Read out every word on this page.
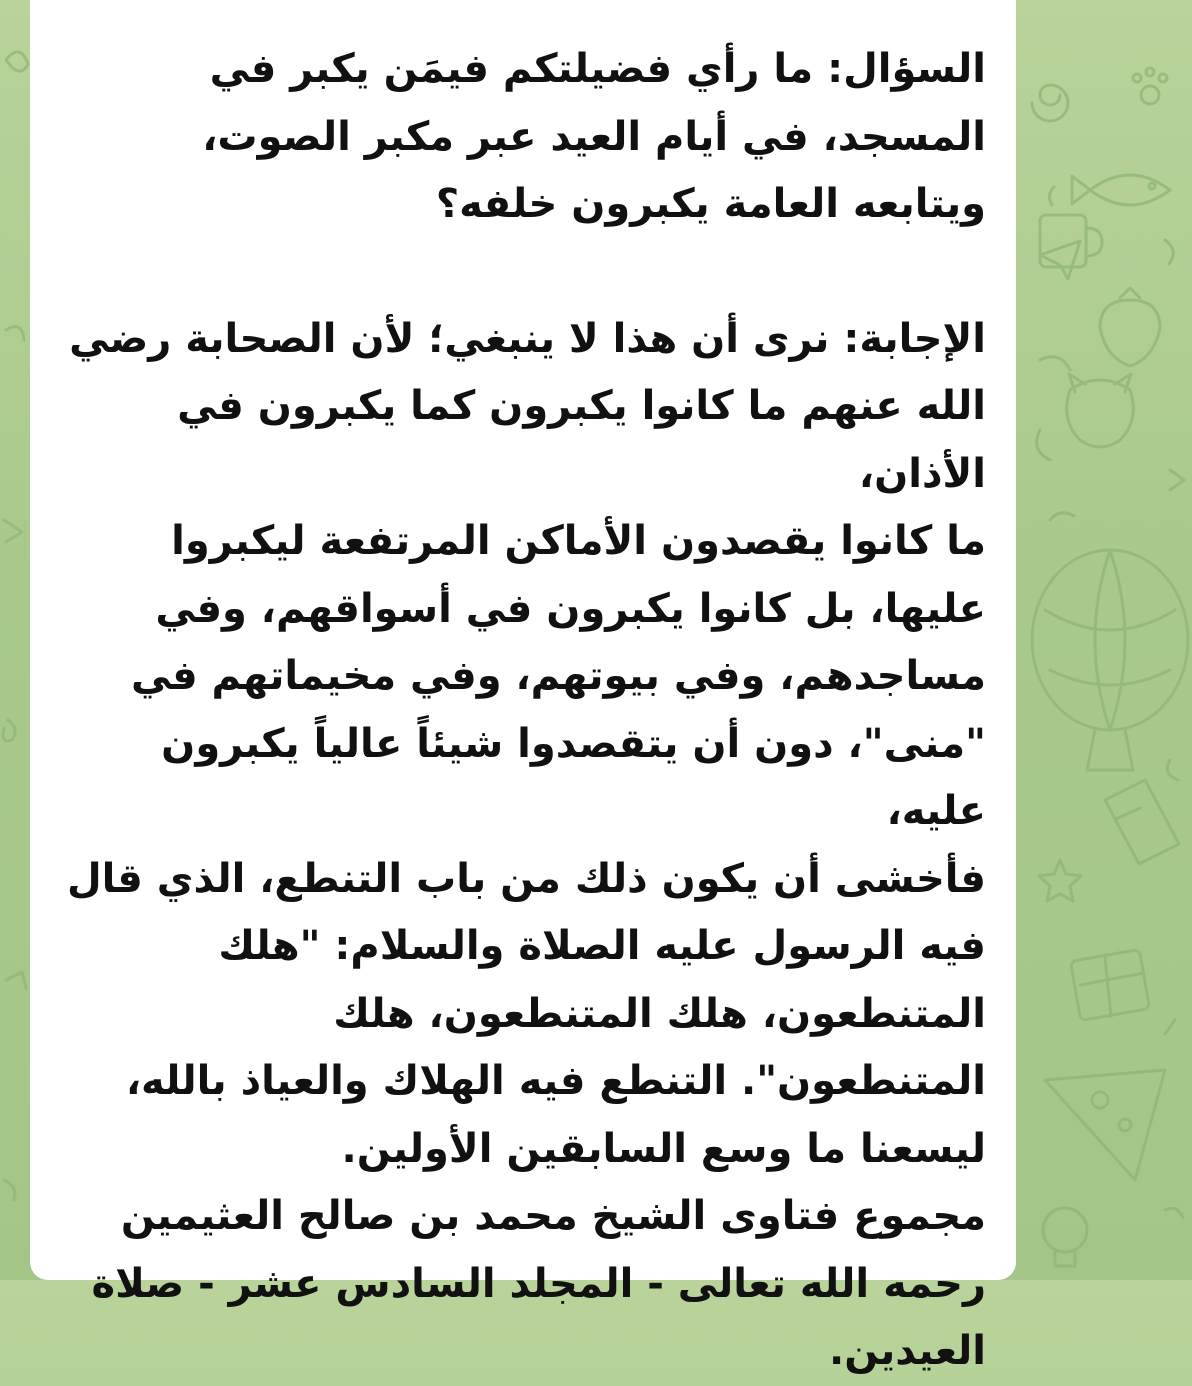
السؤال: ما رأي فضيلتكم فيمَن يكبر في
المسجد، في أيام العيد عبر مكبر الصوت،
ويتابعه العامة يكبرون خلفه؟
الإجابة: نرى أن هذا لا ينبغي؛ لأن الصحابة رضي
الله عنهم ما كانوا يكبرون كما يكبرون في الأذان،
ما كانوا يقصدون الأماكن المرتفعة ليكبروا
عليها، بل كانوا يكبرون في أسواقهم، وفي
مساجدهم، وفي بيوتهم، وفي مخيماتهم في
"منى"، دون أن يتقصدوا شيئاً عالياً يكبرون عليه،
فأخشى أن يكون ذلك من باب التنطع، الذي قال
فيه الرسول عليه الصلاة والسلام: "هلك
المتنطعون، هلك المتنطعون، هلك
المتنطعون". التنطع فيه الهلاك والعياذ بالله،
ليسعنا ما وسع السابقين الأولين.
مجموع فتاوى الشيخ محمد بن صالح العثيمين
رحمه الله تعالى - المجلد السادس عشر - صلاة
العيدين.
